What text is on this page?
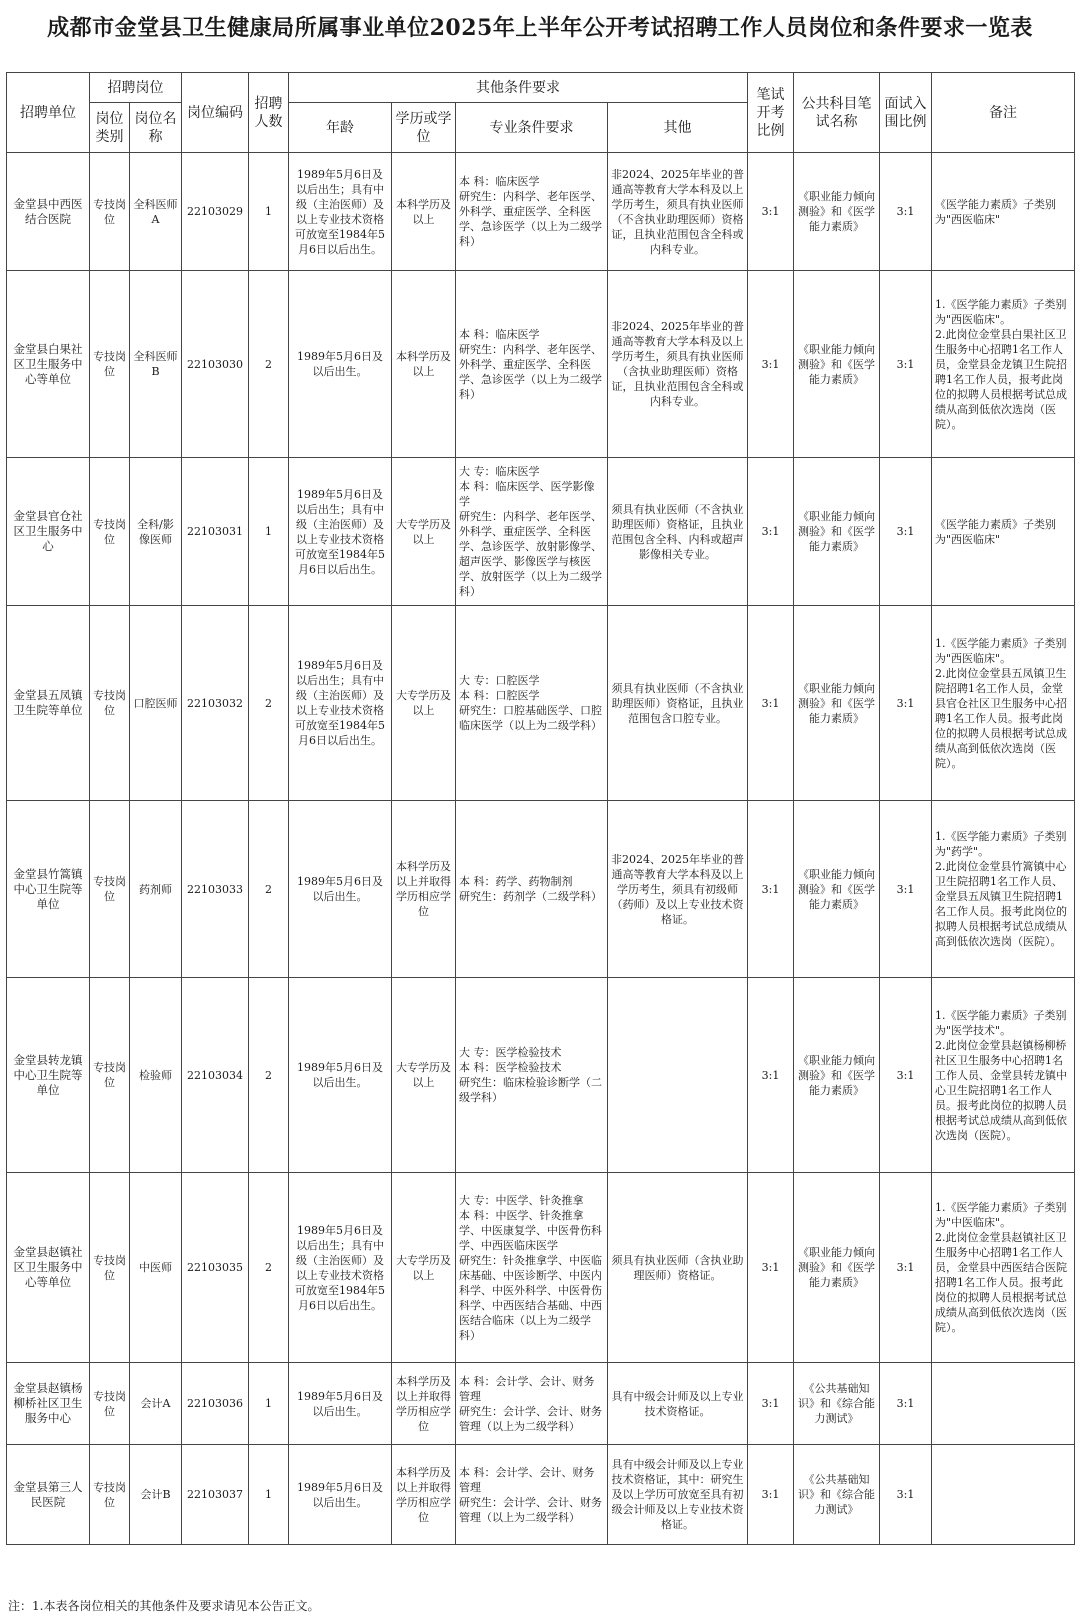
成都市金堂县卫生健康局所属事业单位2025年上半年公开考试招聘工作人员岗位和条件要求一览表
招聘单位	招聘岗位		岗位编码	招聘人数	其他条件要求				笔试开考比例	公共科目笔试名称	面试入围比例	备注
	岗位类别	岗位名称			年龄	学历或学位	专业条件要求	其他				
金堂县中西医结合医院	专技岗位	全科医师A	22103029	1	1989年5月6日及以后出生；具有中级（主治医师）及以上专业技术资格可放宽至1984年5月6日以后出生。	本科学历及以上	本 科：临床医学
研究生：内科学、老年医学、外科学、重症医学、全科医学、急诊医学（以上为二级学科）	非2024、2025年毕业的普通高等教育大学本科及以上学历考生，须具有执业医师（不含执业助理医师）资格证，且执业范围包含全科或内科专业。	3:1	《职业能力倾向测验》和《医学能力素质》	3:1	《医学能力素质》子类别为"西医临床"
金堂县白果社区卫生服务中心等单位	专技岗位	全科医师B	22103030	2	1989年5月6日及以后出生。	本科学历及以上	本 科：临床医学
研究生：内科学、老年医学、外科学、重症医学、全科医学、急诊医学（以上为二级学科）	非2024、2025年毕业的普通高等教育大学本科及以上学历考生，须具有执业医师（含执业助理医师）资格证，且执业范围包含全科或内科专业。	3:1	《职业能力倾向测验》和《医学能力素质》	3:1	1.《医学能力素质》子类别为"西医临床"。
2.此岗位金堂县白果社区卫生服务中心招聘1名工作人员，金堂县金龙镇卫生院招聘1名工作人员，报考此岗位的拟聘人员根据考试总成绩从高到低依次选岗（医院）。
金堂县官仓社区卫生服务中心	专技岗位	全科/影像医师	22103031	1	1989年5月6日及以后出生；具有中级（主治医师）及以上专业技术资格可放宽至1984年5月6日以后出生。	大专学历及以上	大 专：临床医学
本 科：临床医学、医学影像学
研究生：内科学、老年医学、外科学、重症医学、全科医学、急诊医学、放射影像学、超声医学、影像医学与核医学、放射医学（以上为二级学科）	须具有执业医师（不含执业助理医师）资格证，且执业范围包含全科、内科或超声影像相关专业。	3:1	《职业能力倾向测验》和《医学能力素质》	3:1	《医学能力素质》子类别为"西医临床"
金堂县五凤镇卫生院等单位	专技岗位	口腔医师	22103032	2	1989年5月6日及以后出生；具有中级（主治医师）及以上专业技术资格可放宽至1984年5月6日以后出生。	大专学历及以上	大 专：口腔医学
本 科：口腔医学
研究生：口腔基础医学、口腔临床医学（以上为二级学科）	须具有执业医师（不含执业助理医师）资格证，且执业范围包含口腔专业。	3:1	《职业能力倾向测验》和《医学能力素质》	3:1	1.《医学能力素质》子类别为"西医临床"。
2.此岗位金堂县五凤镇卫生院招聘1名工作人员，金堂县官仓社区卫生服务中心招聘1名工作人员。报考此岗位的拟聘人员根据考试总成绩从高到低依次选岗（医院）。
金堂县竹篙镇中心卫生院等单位	专技岗位	药剂师	22103033	2	1989年5月6日及以后出生。	本科学历及以上并取得学历相应学位	本 科：药学、药物制剂
研究生：药剂学（二级学科）	非2024、2025年毕业的普通高等教育大学本科及以上学历考生，须具有初级师（药师）及以上专业技术资格证。	3:1	《职业能力倾向测验》和《医学能力素质》	3:1	1.《医学能力素质》子类别为"药学"。
2.此岗位金堂县竹篙镇中心卫生院招聘1名工作人员、金堂县五凤镇卫生院招聘1名工作人员。报考此岗位的拟聘人员根据考试总成绩从高到低依次选岗（医院）。
金堂县转龙镇中心卫生院等单位	专技岗位	检验师	22103034	2	1989年5月6日及以后出生。	大专学历及以上	大 专：医学检验技术
本 科：医学检验技术
研究生：临床检验诊断学（二级学科）		3:1	《职业能力倾向测验》和《医学能力素质》	3:1	1.《医学能力素质》子类别为"医学技术"。
2.此岗位金堂县赵镇杨柳桥社区卫生服务中心招聘1名工作人员、金堂县转龙镇中心卫生院招聘1名工作人员。报考此岗位的拟聘人员根据考试总成绩从高到低依次选岗（医院）。
金堂县赵镇社区卫生服务中心等单位	专技岗位	中医师	22103035	2	1989年5月6日及以后出生；具有中级（主治医师）及以上专业技术资格可放宽至1984年5月6日以后出生。	大专学历及以上	大 专：中医学、针灸推拿
本 科：中医学、针灸推拿学、中医康复学、中医骨伤科学、中西医临床医学
研究生：针灸推拿学、中医临床基础、中医诊断学、中医内科学、中医外科学、中医骨伤科学、中西医结合基础、中西医结合临床（以上为二级学科）	须具有执业医师（含执业助理医师）资格证。	3:1	《职业能力倾向测验》和《医学能力素质》	3:1	1.《医学能力素质》子类别为"中医临床"。
2.此岗位金堂县赵镇社区卫生服务中心招聘1名工作人员，金堂县中西医结合医院招聘1名工作人员。报考此岗位的拟聘人员根据考试总成绩从高到低依次选岗（医院）。
金堂县赵镇杨柳桥社区卫生服务中心	专技岗位	会计A	22103036	1	1989年5月6日及以后出生。	本科学历及以上并取得学历相应学位	本 科：会计学、会计、财务管理
研究生：会计学、会计、财务管理（以上为二级学科）	具有中级会计师及以上专业技术资格证。	3:1	《公共基础知识》和《综合能力测试》	3:1	
金堂县第三人民医院	专技岗位	会计B	22103037	1	1989年5月6日及以后出生。	本科学历及以上并取得学历相应学位	本 科：会计学、会计、财务管理
研究生：会计学、会计、财务管理（以上为二级学科）	具有中级会计师及以上专业技术资格证，其中：研究生及以上学历可放宽至具有初级会计师及以上专业技术资格证。	3:1	《公共基础知识》和《综合能力测试》	3:1	
注：1.本表各岗位相关的其他条件及要求请见本公告正文。
